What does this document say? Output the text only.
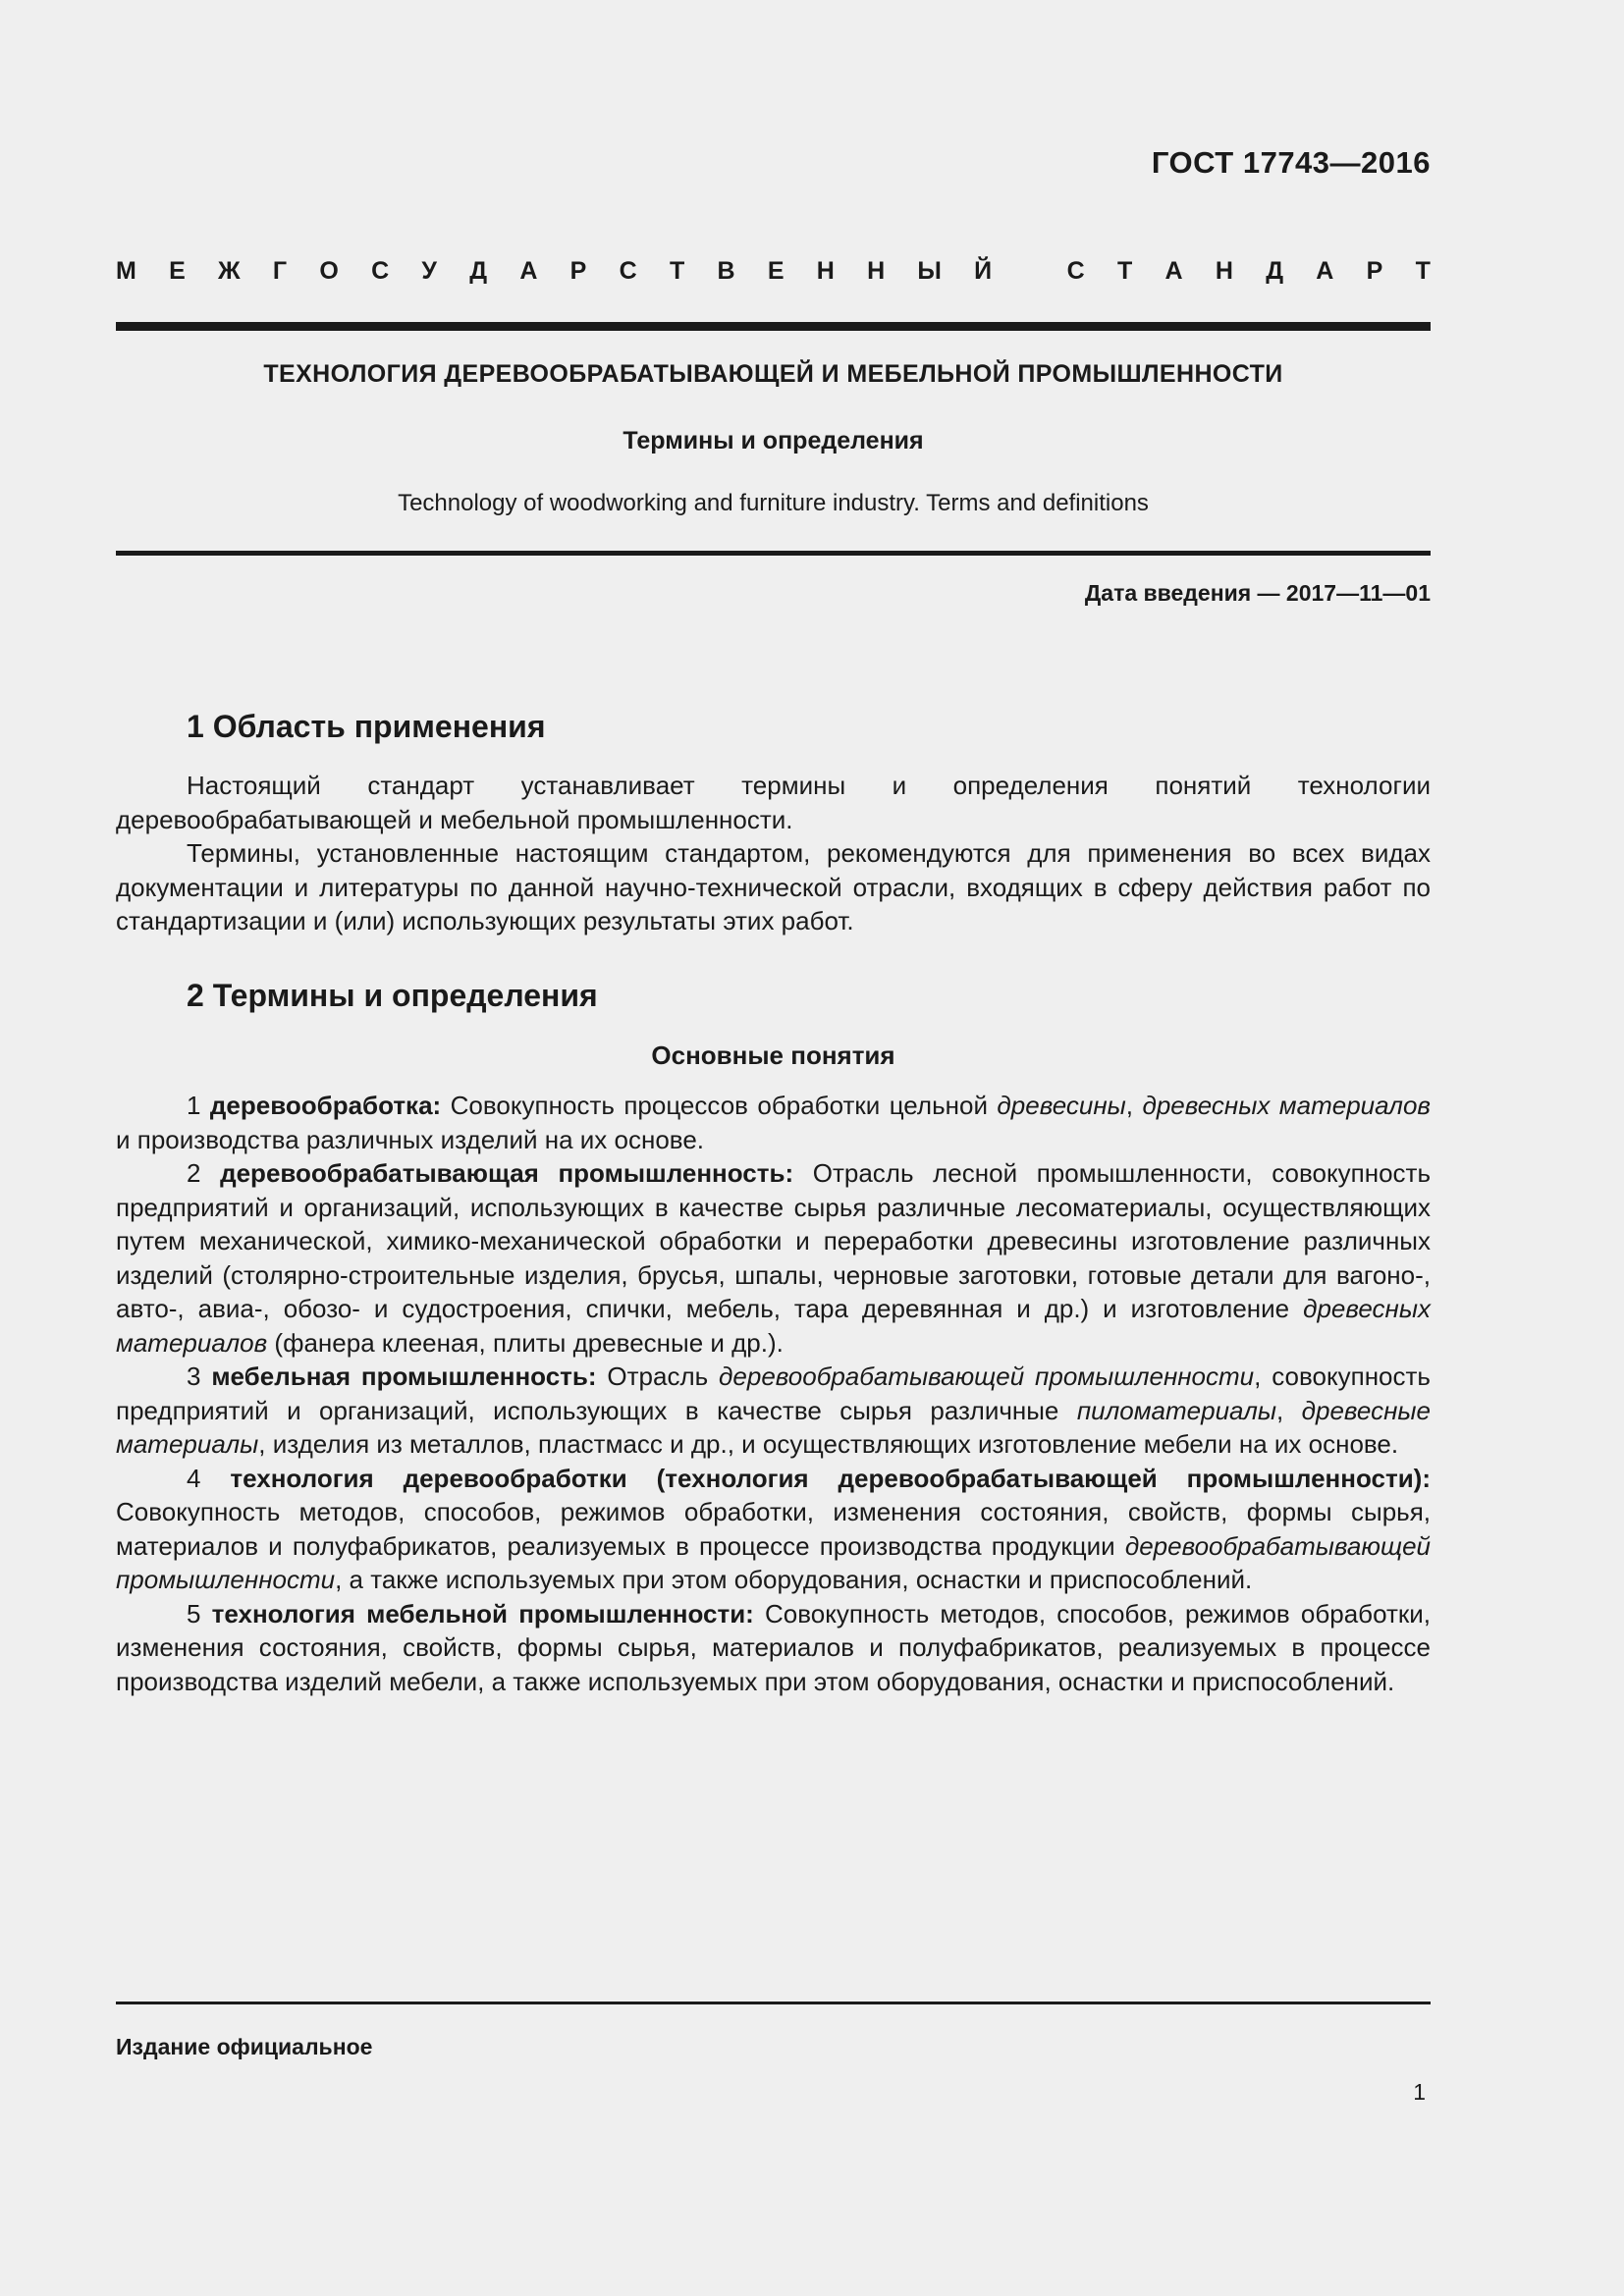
ГОСТ 17743—2016
М Е Ж Г О С У Д А Р С Т В Е Н Н Ы Й	С Т А Н Д А Р Т
ТЕХНОЛОГИЯ ДЕРЕВООБРАБАТЫВАЮЩЕЙ И МЕБЕЛЬНОЙ ПРОМЫШЛЕННОСТИ
Термины и определения
Technology of woodworking and furniture industry. Terms and definitions
Дата введения — 2017—11—01
1 Область применения

Настоящий стандарт устанавливает термины и определения понятий технологии деревообрабатывающей и мебельной промышленности.

Термины, установленные настоящим стандартом, рекомендуются для применения во всех видах документации и литературы по данной научно-технической отрасли, входящих в сферу действия работ по стандартизации и (или) использующих результаты этих работ.

2 Термины и определения
Основные понятия

1 деревообработка: Совокупность процессов обработки цельной древесины, древесных материалов и производства различных изделий на их основе.

2 деревообрабатывающая промышленность: Отрасль лесной промышленности, совокупность предприятий и организаций, использующих в качестве сырья различные лесоматериалы, осуществляющих путем механической, химико-механической обработки и переработки древесины изготовление различных изделий (столярно-строительные изделия, брусья, шпалы, черновые заготовки, готовые детали для вагоно-, авто-, авиа-, обозо- и судостроения, спички, мебель, тара деревянная и др.) и изготовление древесных материалов (фанера клееная, плиты древесные и др.).

3 мебельная промышленность: Отрасль деревообрабатывающей промышленности, совокупность предприятий и организаций, использующих в качестве сырья различные пиломатериалы, древесные материалы, изделия из металлов, пластмасс и др., и осуществляющих изготовление мебели на их основе.

4 технология деревообработки (технология деревообрабатывающей промышленности): Совокупность методов, способов, режимов обработки, изменения состояния, свойств, формы сырья, материалов и полуфабрикатов, реализуемых в процессе производства продукции деревообрабатывающей промышленности, а также используемых при этом оборудования, оснастки и приспособлений.

5 технология мебельной промышленности: Совокупность методов, способов, режимов обработки, изменения состояния, свойств, формы сырья, материалов и полуфабрикатов, реализуемых в процессе производства изделий мебели, а также используемых при этом оборудования, оснастки и приспособлений.

Издание официальное
1
